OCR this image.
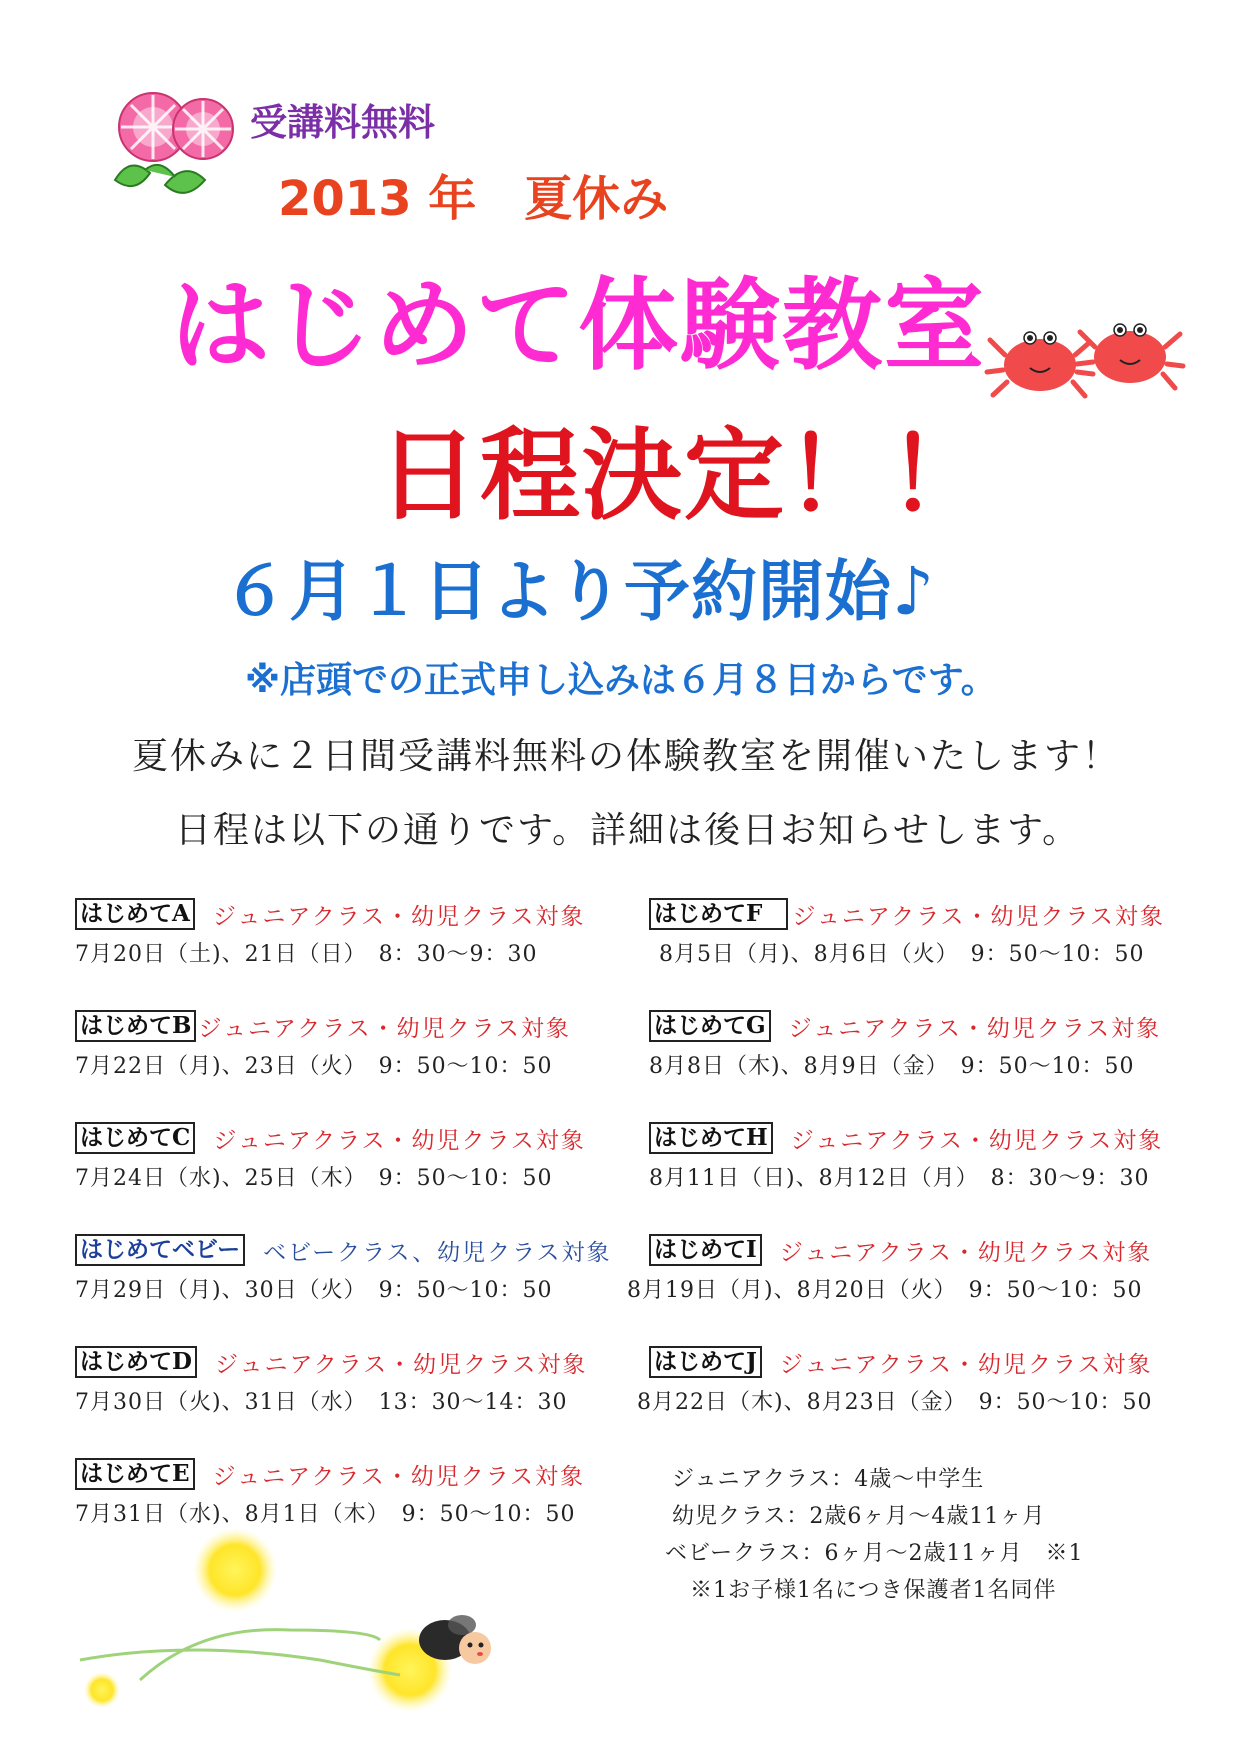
受講料無料
2013 年　夏休み
はじめて体験教室
日程決定！！
６月１日より予約開始♪
※店頭での正式申し込みは６月８日からです。
夏休みに２日間受講料無料の体験教室を開催いたします！
日程は以下の通りです。詳細は後日お知らせします。
はじめてA ジュニアクラス・幼児クラス対象
7月20日（土)、21日（日）　8：30～9：30
はじめてB ジュニアクラス・幼児クラス対象
7月22日（月)、23日（火）　9：50～10：50
はじめてC ジュニアクラス・幼児クラス対象
7月24日（水)、25日（木）　9：50～10：50
はじめてベビー ベビークラス、幼児クラス対象
7月29日（月)、30日（火）　9：50～10：50
はじめてD ジュニアクラス・幼児クラス対象
7月30日（火)、31日（水）　13：30～14：30
はじめてE ジュニアクラス・幼児クラス対象
7月31日（水)、8月1日（木）　9：50～10：50
はじめてF	ジュニアクラス・幼児クラス対象
8月5日（月)、8月6日（火）　9：50～10：50
はじめてG ジュニアクラス・幼児クラス対象
8月8日（木)、8月9日（金）　9：50～10：50
はじめてH ジュニアクラス・幼児クラス対象
8月11日（日)、8月12日（月）　8：30～9：30
はじめてI ジュニアクラス・幼児クラス対象
8月19日（月)、8月20日（火）　9：50～10：50
はじめてJ ジュニアクラス・幼児クラス対象
8月22日（木)、8月23日（金）　9：50～10：50
ジュニアクラス：4歳～中学生
幼児クラス：2歳6ヶ月～4歳11ヶ月
ベビークラス：6ヶ月～2歳11ヶ月　※1
※1お子様1名につき保護者1名同伴
